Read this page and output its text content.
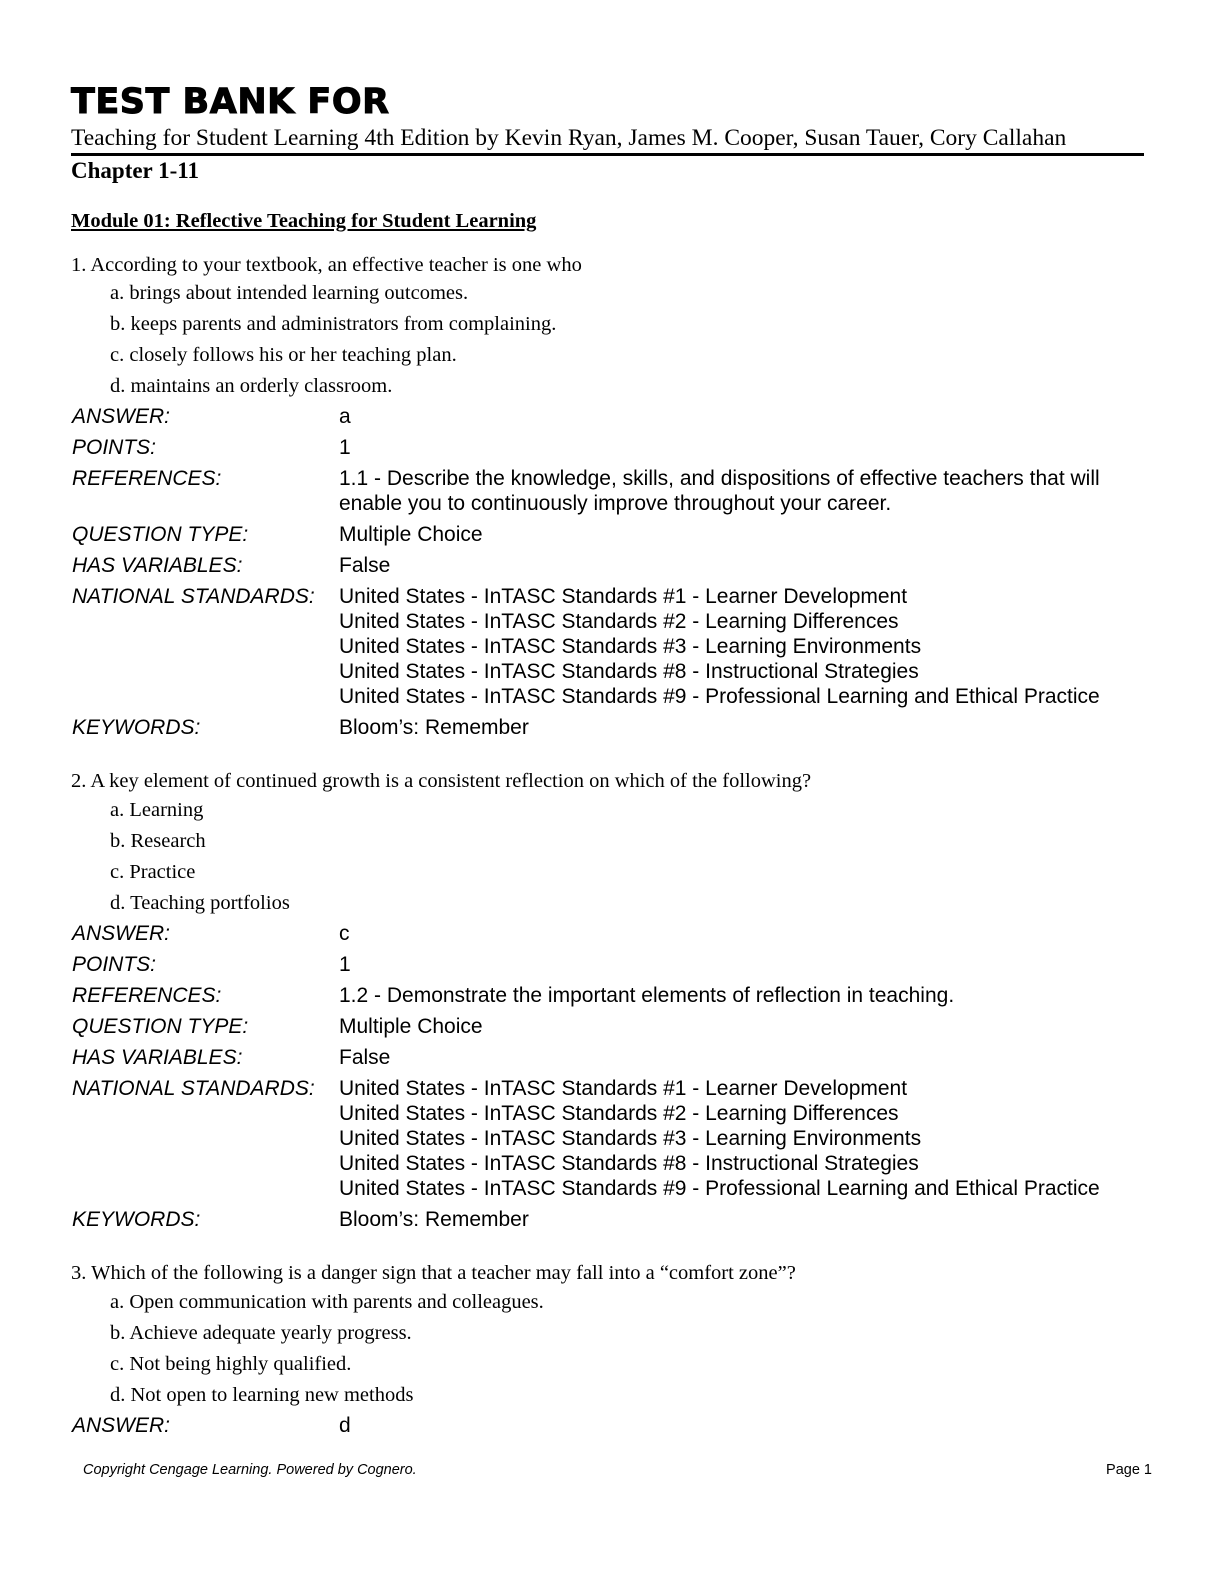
TEST BANK FOR
Teaching for Student Learning 4th Edition by Kevin Ryan, James M. Cooper, Susan Tauer, Cory Callahan
Chapter 1-11
Module 01: Reflective Teaching for Student Learning
1. According to your textbook, an effective teacher is one who
a. brings about intended learning outcomes.
b. keeps parents and administrators from complaining.
c. closely follows his or her teaching plan.
d. maintains an orderly classroom.
ANSWER:	a
POINTS:	1
REFERENCES:	1.1 - Describe the knowledge, skills, and dispositions of effective teachers that will enable you to continuously improve throughout your career.
QUESTION TYPE:	Multiple Choice
HAS VARIABLES:	False
NATIONAL STANDARDS: United States - InTASC Standards #1 - Learner Development
United States - InTASC Standards #2 - Learning Differences
United States - InTASC Standards #3 - Learning Environments
United States - InTASC Standards #8 - Instructional Strategies
United States - InTASC Standards #9 - Professional Learning and Ethical Practice
KEYWORDS:	Bloom’s: Remember
2. A key element of continued growth is a consistent reflection on which of the following?
a. Learning
b. Research
c. Practice
d. Teaching portfolios
ANSWER:	c
POINTS:	1
REFERENCES:	1.2 - Demonstrate the important elements of reflection in teaching.
QUESTION TYPE:	Multiple Choice
HAS VARIABLES:	False
NATIONAL STANDARDS: United States - InTASC Standards #1 - Learner Development
United States - InTASC Standards #2 - Learning Differences
United States - InTASC Standards #3 - Learning Environments
United States - InTASC Standards #8 - Instructional Strategies
United States - InTASC Standards #9 - Professional Learning and Ethical Practice
KEYWORDS:	Bloom’s: Remember
3. Which of the following is a danger sign that a teacher may fall into a “comfort zone”?
a. Open communication with parents and colleagues.
b. Achieve adequate yearly progress.
c. Not being highly qualified.
d. Not open to learning new methods
ANSWER:	d
Copyright Cengage Learning. Powered by Cognero.	Page 1
